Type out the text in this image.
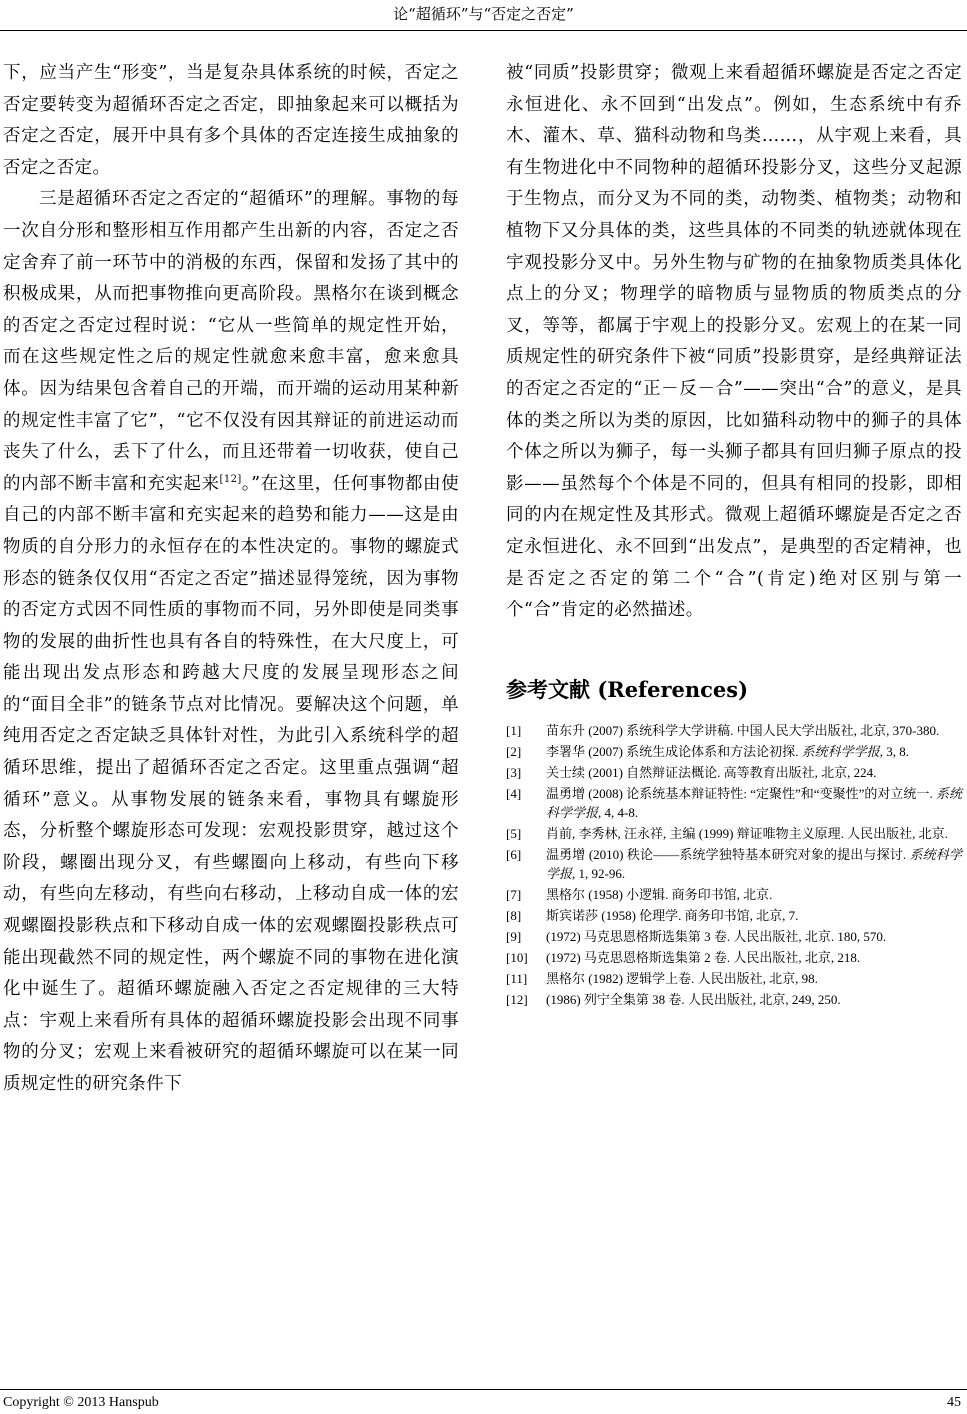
论“超循环”与“否定之否定”

下，应当产生“形变”，当是复杂具体系统的时候，否定之否定要转变为超循环否定之否定，即抽象起来可以概括为否定之否定，展开中具有多个具体的否定连接生成抽象的否定之否定。

三是超循环否定之否定的“超循环”的理解。事物的每一次自分形和整形相互作用都产生出新的内容，否定之否定舍弃了前一环节中的消极的东西，保留和发扬了其中的积极成果，从而把事物推向更高阶段。黑格尔在谈到概念的否定之否定过程时说：“它从一些简单的规定性开始，而在这些规定性之后的规定性就愈来愈丰富，愈来愈具体。因为结果包含着自己的开端，而开端的运动用某种新的规定性丰富了它”，“它不仅没有因其辩证的前进运动而丧失了什么，丢下了什么，而且还带着一切收获，使自己的内部不断丰富和充实起来[12]。”在这里，任何事物都由使自己的内部不断丰富和充实起来的趋势和能力——这是由物质的自分形力的永恒存在的本性决定的。事物的螺旋式形态的链条仅仅用“否定之否定”描述显得笼统，因为事物的否定方式因不同性质的事物而不同，另外即使是同类事物的发展的曲折性也具有各自的特殊性，在大尺度上，可能出现出发点形态和跨越大尺度的发展呈现形态之间的“面目全非”的链条节点对比情况。要解决这个问题，单纯用否定之否定缺乏具体针对性，为此引入系统科学的超循环思维，提出了超循环否定之否定。这里重点强调“超循环”意义。从事物发展的链条来看，事物具有螺旋形态，分析整个螺旋形态可发现：宏观投影贯穿，越过这个阶段，螺圈出现分叉，有些螺圈向上移动，有些向下移动，有些向左移动，有些向右移动，上移动自成一体的宏观螺圈投影秩点和下移动自成一体的宏观螺圈投影秩点可能出现截然不同的规定性，两个螺旋不同的事物在进化演化中诞生了。超循环螺旋融入否定之否定规律的三大特点：宇观上来看所有具体的超循环螺旋投影会出现不同事物的分叉；宏观上来看被研究的超循环螺旋可以在某一同质规定性的研究条件下

被“同质”投影贯穿；微观上来看超循环螺旋是否定之否定永恒进化、永不回到“出发点”。例如，生态系统中有乔木、灌木、草、猫科动物和鸟类……，从宇观上来看，具有生物进化中不同物种的超循环投影分叉，这些分叉起源于生物点，而分叉为不同的类，动物类、植物类；动物和植物下又分具体的类，这些具体的不同类的轨迹就体现在宇观投影分叉中。另外生物与矿物的在抽象物质类具体化点上的分叉；物理学的暗物质与显物质的物质类点的分叉，等等，都属于宇观上的投影分叉。宏观上的在某一同质规定性的研究条件下被“同质”投影贯穿，是经典辩证法的否定之否定的“正－反－合”——突出“合”的意义，是具体的类之所以为类的原因，比如猫科动物中的狮子的具体个体之所以为狮子，每一头狮子都具有回归狮子原点的投影——虽然每个个体是不同的，但具有相同的投影，即相同的内在规定性及其形式。微观上超循环螺旋是否定之否定永恒进化、永不回到“出发点”，是典型的否定精神，也是否定之否定的第二个“合”(肯定)绝对区别与第一个“合”肯定的必然描述。

参考文献 (References)
[1]	苗东升 (2007) 系统科学大学讲稿. 中国人民大学出版社, 北京, 370-380.
[2]	李署华 (2007) 系统生成论体系和方法论初探. 系统科学学报, 3, 8.
[3]	关士续 (2001) 自然辩证法概论. 高等教育出版社, 北京, 224.
[4]	温勇增 (2008) 论系统基本辩证特性: “定聚性”和“变聚性”的对立统一. 系统科学学报, 4, 4-8.
[5]	肖前, 李秀林, 汪永祥, 主编 (1999) 辩证唯物主义原理. 人民出版社, 北京.
[6]	温勇增 (2010) 秩论——系统学独特基本研究对象的提出与探讨. 系统科学学报, 1, 92-96.
[7]	黑格尔 (1958) 小逻辑. 商务印书馆, 北京.
[8]	斯宾诺莎 (1958) 伦理学. 商务印书馆, 北京, 7.
[9]	(1972) 马克思恩格斯选集第 3 卷. 人民出版社, 北京. 180, 570.
[10]	(1972) 马克思恩格斯选集第 2 卷. 人民出版社, 北京, 218.
[11]	黑格尔 (1982) 逻辑学上卷. 人民出版社, 北京, 98.
[12]	(1986) 列宁全集第 38 卷. 人民出版社, 北京, 249, 250.
Copyright © 2013 Hanspub	45
